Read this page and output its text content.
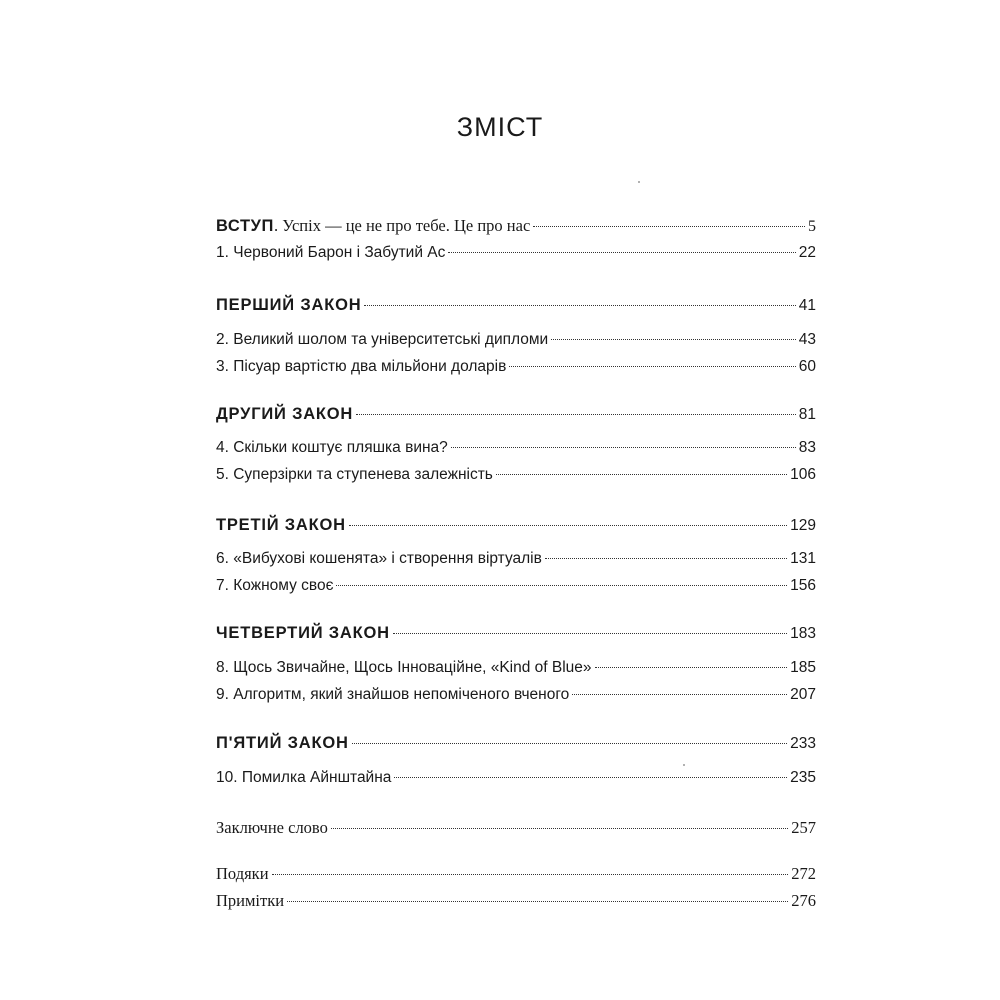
ЗМІСТ
ВСТУП. Успіх — це не про тебе. Це про нас	5
1. Червоний Барон і Забутий Ас	22
ПЕРШИЙ ЗАКОН	41
2. Великий шолом та університетські дипломи	43
3. Пісуар вартістю два мільйони доларів	60
ДРУГИЙ ЗАКОН	81
4. Скільки коштує пляшка вина?	83
5. Суперзірки та ступенева залежність	106
ТРЕТІЙ ЗАКОН	129
6. «Вибухові кошенята» і створення віртуалів	131
7. Кожному своє	156
ЧЕТВЕРТИЙ ЗАКОН	183
8. Щось Звичайне, Щось Інноваційне, «Kind of Blue»	185
9. Алгоритм, який знайшов непоміченого вченого	207
П'ЯТИЙ ЗАКОН	233
10. Помилка Айнштайна	235
Заключне слово	257
Подяки	272
Примітки	276
